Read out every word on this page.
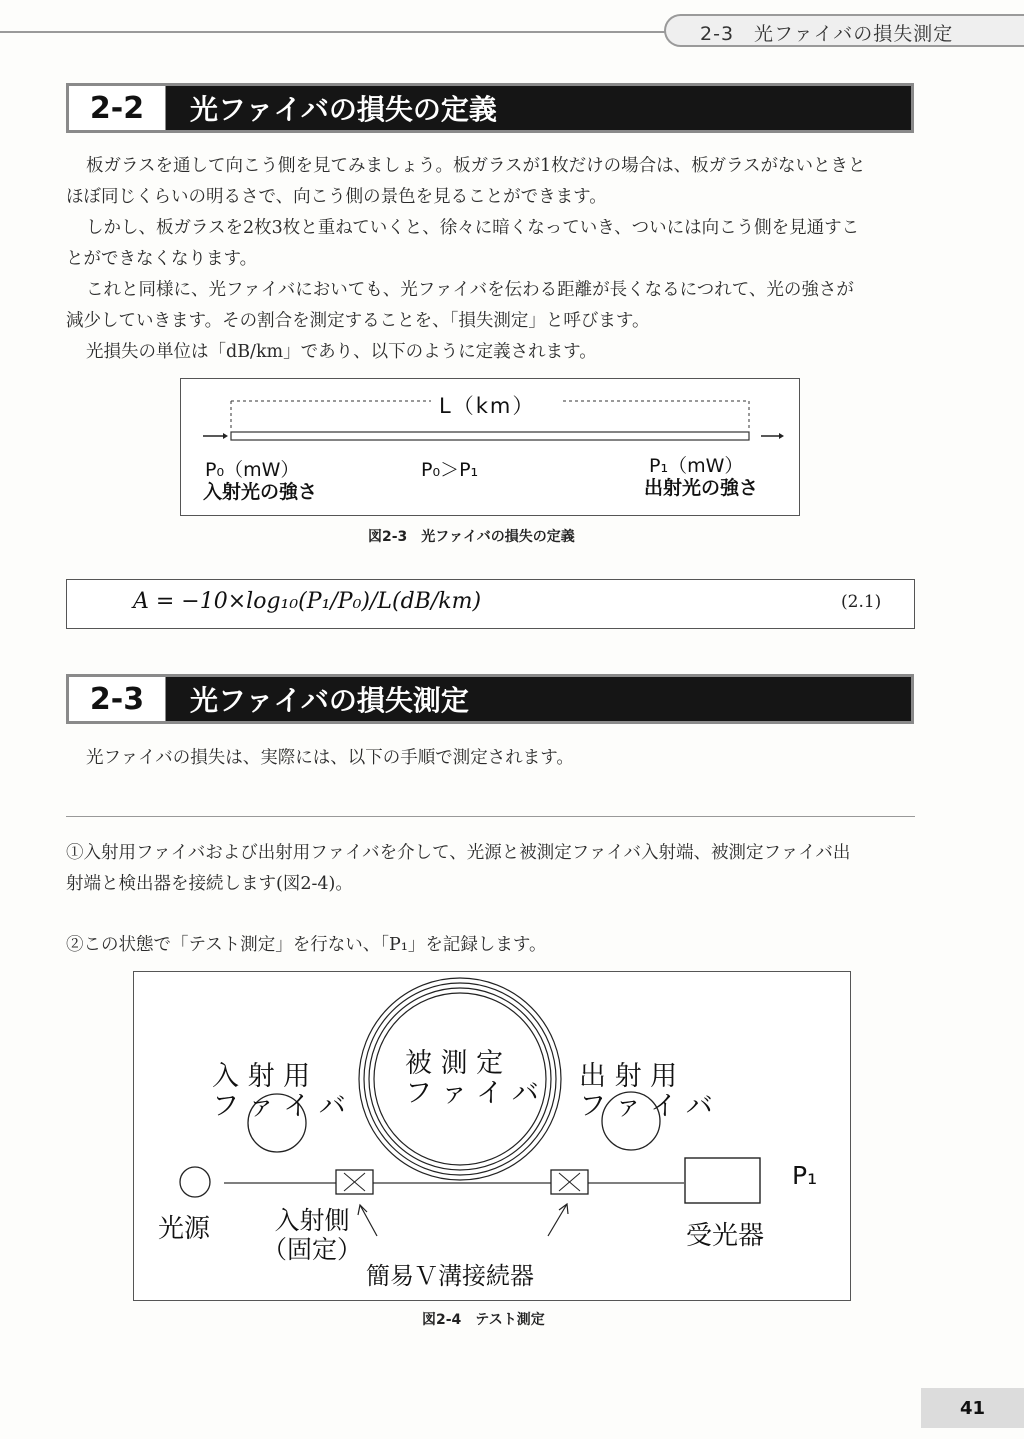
2-3　光ファイバの損失測定
2-2	光ファイバの損失の定義
板ガラスを通して向こう側を見てみましょう。板ガラスが1枚だけの場合は、板ガラスがないときと
ほぼ同じくらいの明るさで、向こう側の景色を見ることができます。
しかし、板ガラスを2枚3枚と重ねていくと、徐々に暗くなっていき、ついには向こう側を見通すこ
とができなくなります。
これと同様に、光ファイバにおいても、光ファイバを伝わる距離が長くなるにつれて、光の強さが
減少していきます。その割合を測定することを、「損失測定」と呼びます。
光損失の単位は「dB/km」であり、以下のように定義されます。
L（km）
P₀（mW）
入射光の強さ
P₀＞P₁	P₁（mW）
出射光の強さ
図2-3　光ファイバの損失の定義
A = −10×log₁₀(P₁/P₀)/L(dB/km)	(2.1)
2-3	光ファイバの損失測定
光ファイバの損失は、実際には、以下の手順で測定されます。
①入射用ファイバおよび出射用ファイバを介して、光源と被測定ファイバ入射端、被測定ファイバ出
射端と検出器を接続します(図2-4)。
②この状態で「テスト測定」を行ない、「P₁」を記録します。
入 射 用
フ ァ イ バ
被 測 定
フ ァ イ バ
出 射 用
フ ァ イ バ
P₁
光源	入射側
（固定）
簡易Ｖ溝接続器
受光器
図2-4　テスト測定
41
